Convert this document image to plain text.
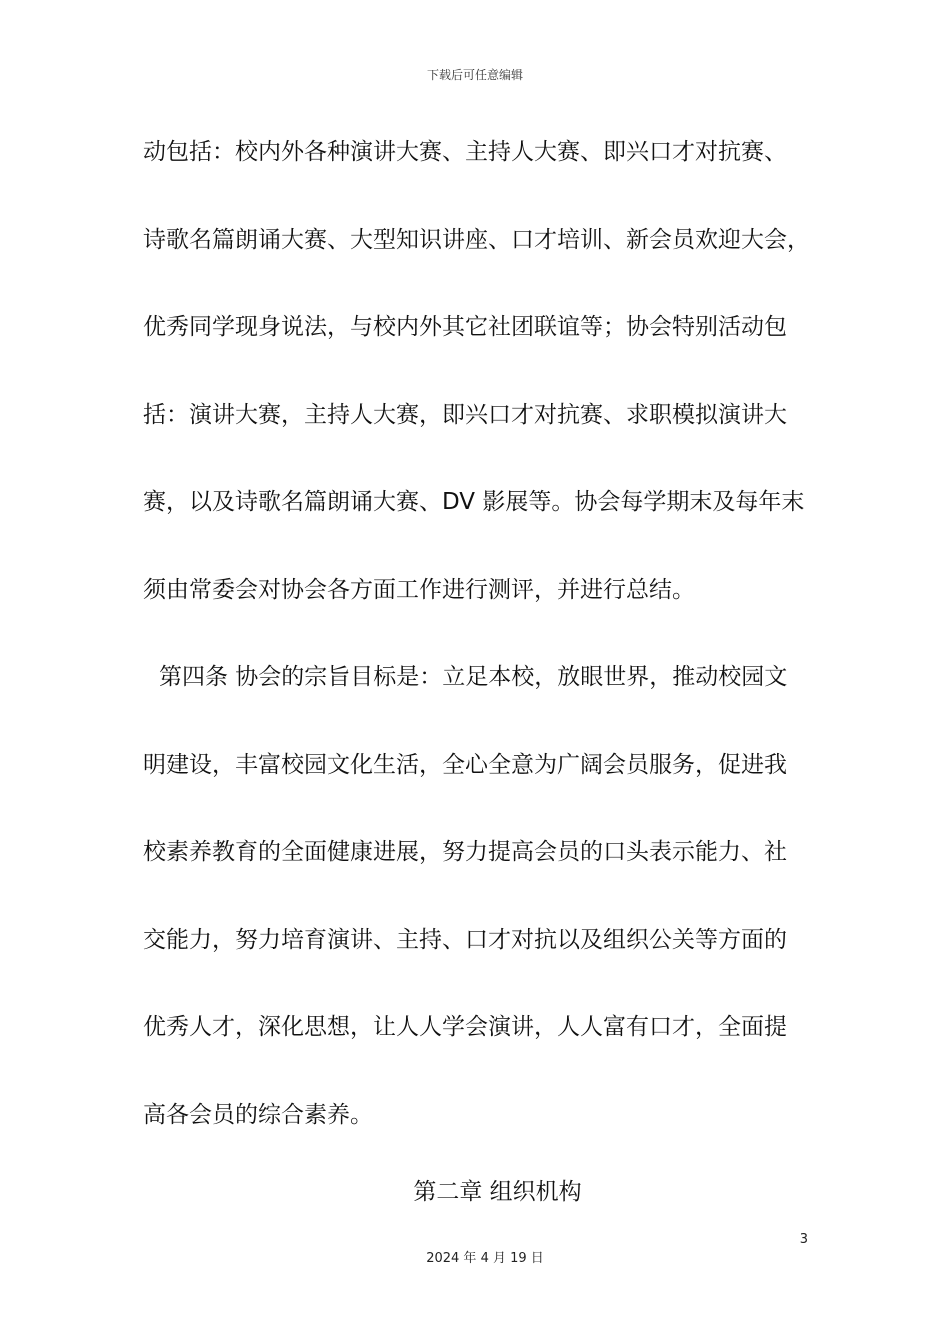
下载后可任意编辑
动包括：校内外各种演讲大赛、主持人大赛、即兴口才对抗赛、
诗歌名篇朗诵大赛、大型知识讲座、口才培训、新会员欢迎大会，
优秀同学现身说法，与校内外其它社团联谊等；协会特别活动包
括：演讲大赛，主持人大赛，即兴口才对抗赛、求职模拟演讲大
赛，以及诗歌名篇朗诵大赛、DV 影展等。协会每学期末及每年末
须由常委会对协会各方面工作进行测评，并进行总结。
第四条 协会的宗旨目标是：立足本校，放眼世界，推动校园文
明建设，丰富校园文化生活，全心全意为广阔会员服务，促进我
校素养教育的全面健康进展，努力提高会员的口头表示能力、社
交能力，努力培育演讲、主持、口才对抗以及组织公关等方面的
优秀人才，深化思想，让人人学会演讲，人人富有口才，全面提
高各会员的综合素养。
第二章 组织机构
3
2024 年 4 月 19 日
